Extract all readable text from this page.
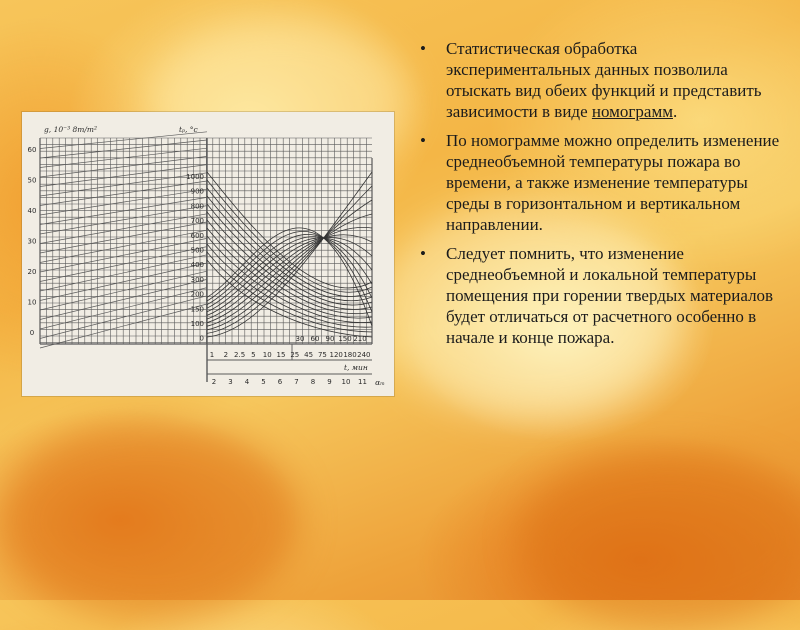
60
50
40
30
20
10
0
1000
900
800
700
600
500
400
300
200
150
100
0
g, 10⁻³ 8m/m²	tₚ, °c
30 60 90 150 210
1 2 2.5 5 10 15 25 45 75 120 180 240
t, мин
2 3 4 5 6 7 8 9 10 11 αₘ
• Статистическая обработка экспериментальных данных позволила отыскать вид обеих функций и представить зависимости в виде номограмм.
• По номограмме можно определить изменение среднеобъемной температуры пожара во времени, а также изменение температуры среды в горизонтальном и вертикальном направлении.
• Следует помнить, что изменение среднеобъемной и локальной температуры помещения при горении твердых материалов будет отличаться от расчетного особенно в начале и конце пожара.
